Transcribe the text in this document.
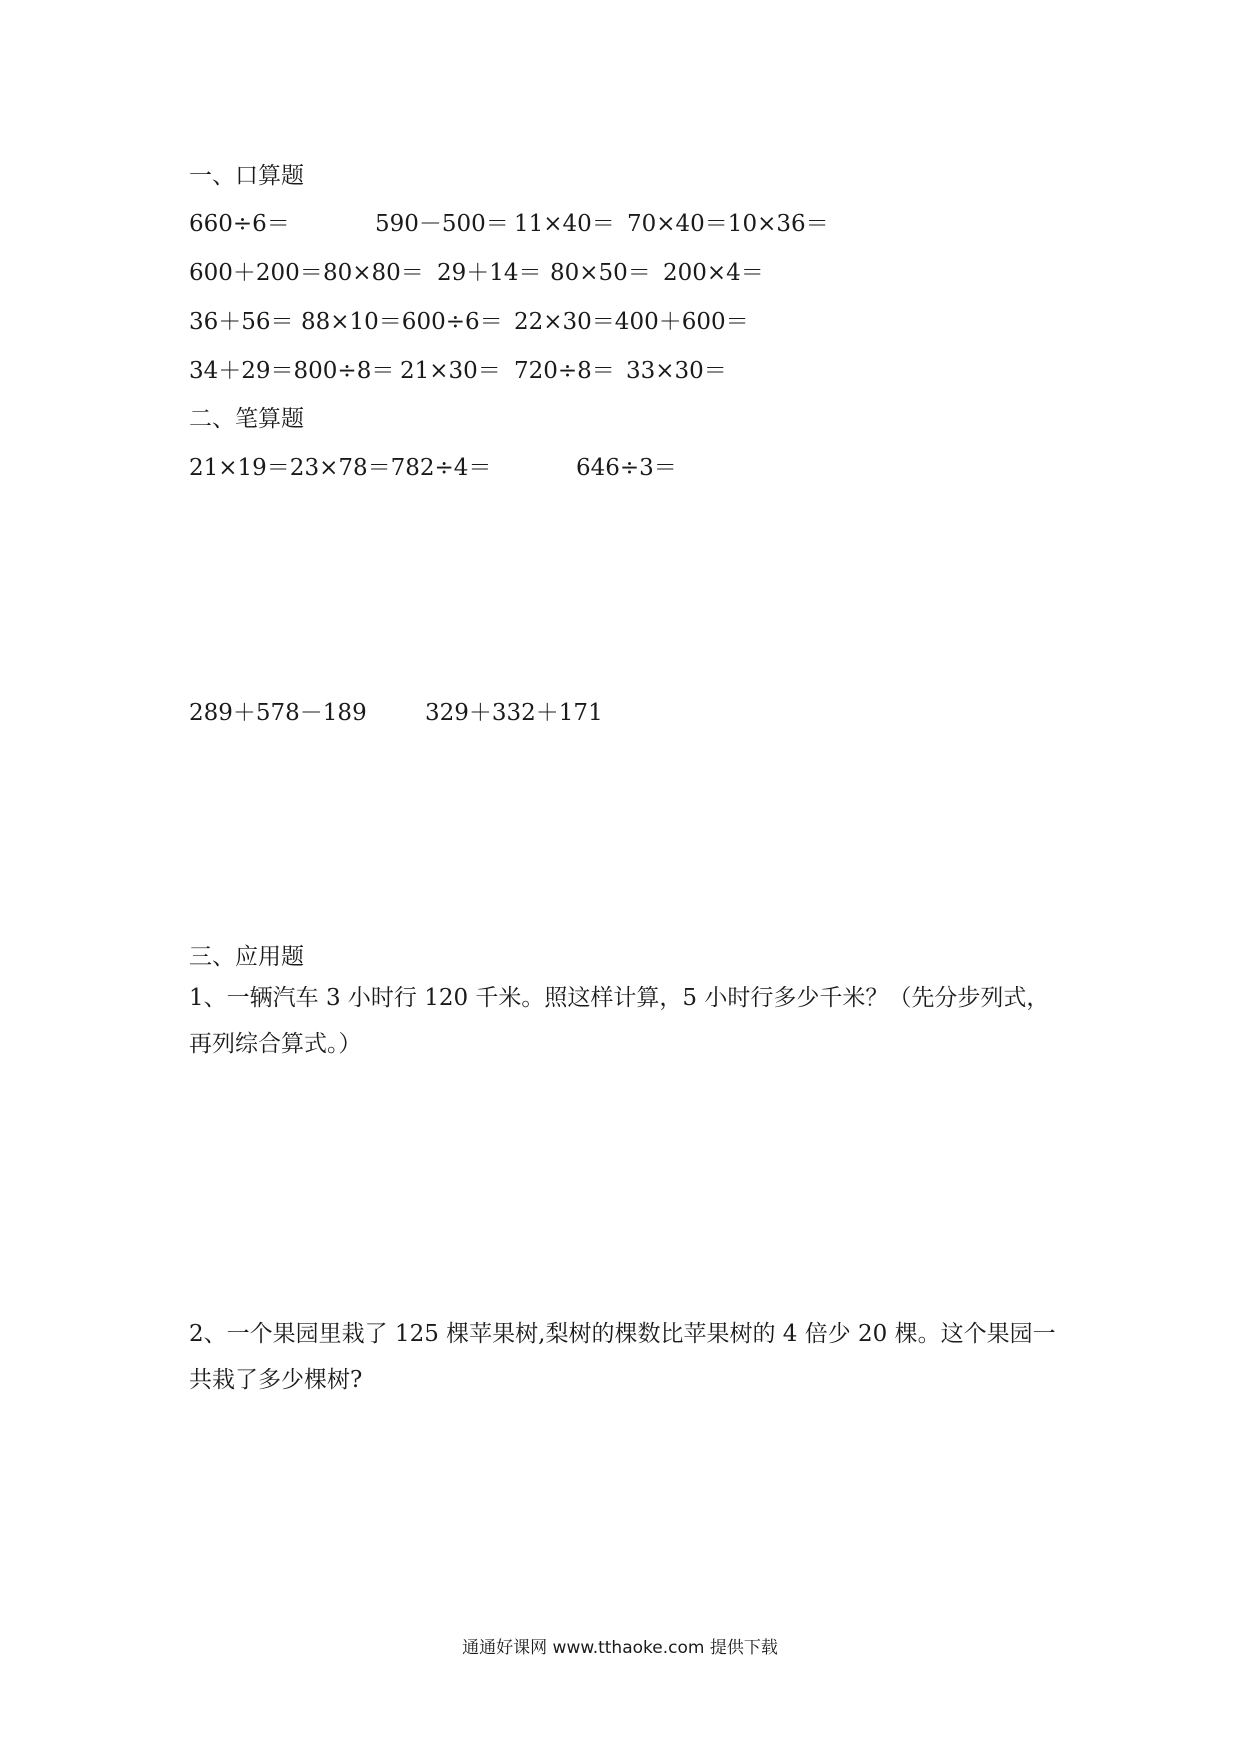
一、口算题
660÷6＝	590－500＝ 11×40＝ 70×40＝10×36＝
600＋200＝ 80×80＝ 29＋14＝ 80×50＝ 200×4＝
36＋56＝ 88×10＝600÷6＝ 22×30＝400＋600＝
34＋29＝800÷8＝ 21×30＝ 720÷8＝ 33×30＝
二、笔算题
21×19＝23×78＝782÷4＝	646÷3＝
289＋578－189	329＋332＋171
三、应用题
1、一辆汽车 3 小时行 120 千米。照这样计算，5 小时行多少千米？（先分步列式，再列综合算式。）
2、一个果园里栽了 125 棵苹果树,梨树的棵数比苹果树的 4 倍少 20 棵。这个果园一共栽了多少棵树?
通通好课网 www.tthaoke.com 提供下载
